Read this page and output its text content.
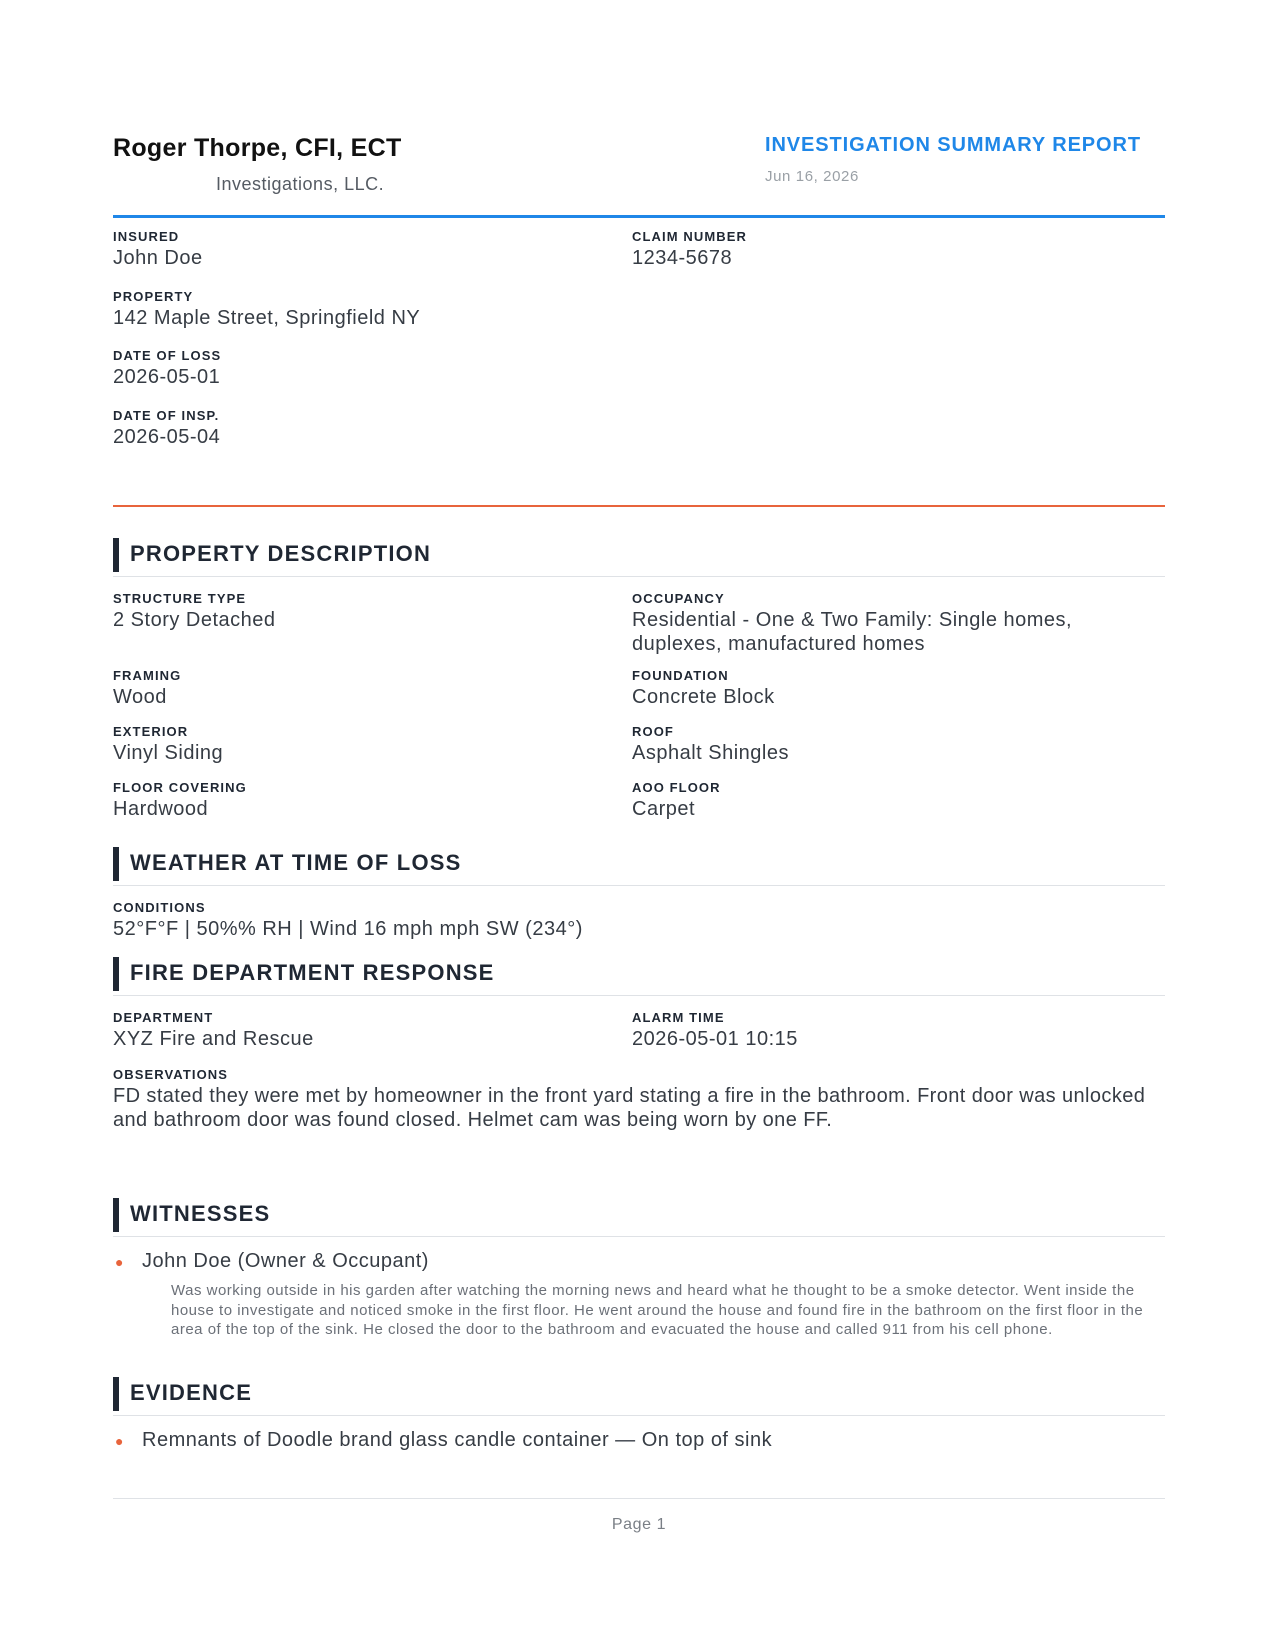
Roger Thorpe, CFI, ECT
Investigations, LLC.
INVESTIGATION SUMMARY REPORT
Jun 16, 2026
INSURED
John Doe
CLAIM NUMBER
1234-5678
PROPERTY
142 Maple Street, Springfield NY
DATE OF LOSS
2026-05-01
DATE OF INSP.
2026-05-04
PROPERTY DESCRIPTION
STRUCTURE TYPE
2 Story Detached
OCCUPANCY
Residential - One & Two Family: Single homes, duplexes, manufactured homes
FRAMING
Wood
FOUNDATION
Concrete Block
EXTERIOR
Vinyl Siding
ROOF
Asphalt Shingles
FLOOR COVERING
Hardwood
AOO FLOOR
Carpet
WEATHER AT TIME OF LOSS
CONDITIONS
52°F°F | 50%% RH | Wind 16 mph mph SW (234°)
FIRE DEPARTMENT RESPONSE
DEPARTMENT
XYZ Fire and Rescue
ALARM TIME
2026-05-01 10:15
OBSERVATIONS
FD stated they were met by homeowner in the front yard stating a fire in the bathroom. Front door was unlocked and bathroom door was found closed. Helmet cam was being worn by one FF.
WITNESSES
● John Doe (Owner & Occupant)
Was working outside in his garden after watching the morning news and heard what he thought to be a smoke detector. Went inside the house to investigate and noticed smoke in the first floor. He went around the house and found fire in the bathroom on the first floor in the area of the top of the sink. He closed the door to the bathroom and evacuated the house and called 911 from his cell phone.
EVIDENCE
● Remnants of Doodle brand glass candle container — On top of sink
Page 1
